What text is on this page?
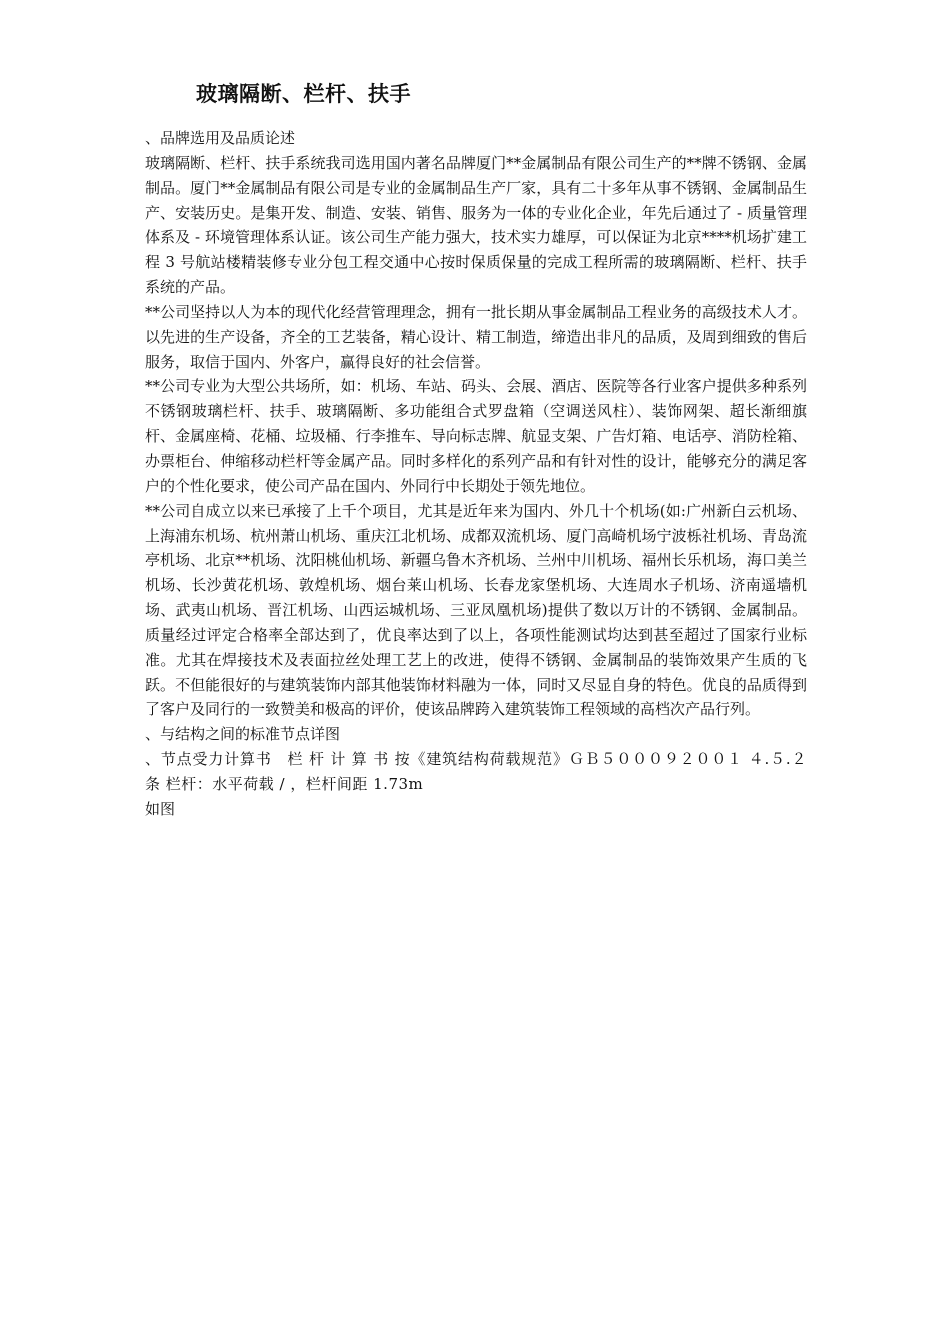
玻璃隔断、栏杆、扶手

、品牌选用及品质论述

玻璃隔断、栏杆、扶手系统我司选用国内著名品牌厦门**金属制品有限公司生产的**牌不锈钢、金属制品。厦门**金属制品有限公司是专业的金属制品生产厂家，具有二十多年从事不锈钢、金属制品生产、安装历史。是集开发、制造、安装、销售、服务为一体的专业化企业，年先后通过了 - 质量管理体系及 - 环境管理体系认证。该公司生产能力强大，技术实力雄厚，可以保证为北京****机场扩建工程 3 号航站楼精装修专业分包工程交通中心按时保质保量的完成工程所需的玻璃隔断、栏杆、扶手系统的产品。

**公司坚持以人为本的现代化经营管理理念，拥有一批长期从事金属制品工程业务的高级技术人才。以先进的生产设备，齐全的工艺装备，精心设计、精工制造，缔造出非凡的品质，及周到细致的售后服务，取信于国内、外客户，赢得良好的社会信誉。

**公司专业为大型公共场所，如：机场、车站、码头、会展、酒店、医院等各行业客户提供多种系列不锈钢玻璃栏杆、扶手、玻璃隔断、多功能组合式罗盘箱（空调送风柱）、装饰网架、超长渐细旗杆、金属座椅、花桶、垃圾桶、行李推车、导向标志牌、航显支架、广告灯箱、电话亭、消防栓箱、办票柜台、伸缩移动栏杆等金属产品。同时多样化的系列产品和有针对性的设计，能够充分的满足客户的个性化要求，使公司产品在国内、外同行中长期处于领先地位。

**公司自成立以来已承接了上千个项目，尤其是近年来为国内、外几十个机场(如:广州新白云机场、上海浦东机场、杭州萧山机场、重庆江北机场、成都双流机场、厦门高崎机场宁波栎社机场、青岛流亭机场、北京**机场、沈阳桃仙机场、新疆乌鲁木齐机场、兰州中川机场、福州长乐机场，海口美兰机场、长沙黄花机场、敦煌机场、烟台莱山机场、长春龙家堡机场、大连周水子机场、济南遥墙机场、武夷山机场、晋江机场、山西运城机场、三亚凤凰机场)提供了数以万计的不锈钢、金属制品。质量经过评定合格率全部达到了，优良率达到了以上，各项性能测试均达到甚至超过了国家行业标准。尤其在焊接技术及表面拉丝处理工艺上的改进，使得不锈钢、金属制品的装饰效果产生质的飞跃。不但能很好的与建筑装饰内部其他装饰材料融为一体，同时又尽显自身的特色。优良的品质得到了客户及同行的一致赞美和极高的评价，使该品牌跨入建筑装饰工程领域的高档次产品行列。

、与结构之间的标准节点详图

、节点受力计算书　栏 杆 计 算 书 按《建筑结构荷载规范》ＧＢ５０００９２００１ ４.５.２条 栏杆：水平荷载 / ，栏杆间距 1.73m

如图
